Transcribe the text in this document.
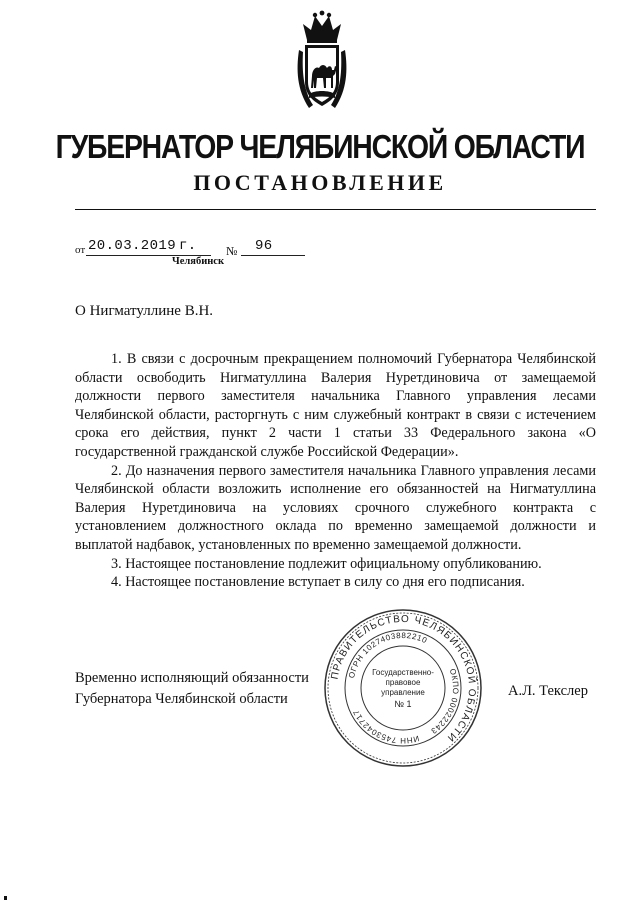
ГУБЕРНАТОР ЧЕЛЯБИНСКОЙ ОБЛАСТИ
ПОСТАНОВЛЕНИЕ
от 20.03.2019 г. № 96
Челябинск
О Нигматуллине В.Н.

1. В связи с досрочным прекращением полномочий Губернатора Челябинской области освободить Нигматуллина Валерия Нуретдиновича от замещаемой должности первого заместителя начальника Главного управления лесами Челябинской области, расторгнуть с ним служебный контракт в связи с истечением срока его действия, пункт 2 части 1 статьи 33 Федерального закона «О государственной гражданской службе Российской Федерации».

2. До назначения первого заместителя начальника Главного управления лесами Челябинской области возложить исполнение его обязанностей на Нигматуллина Валерия Нуретдиновича на условиях срочного служебного контракта с установлением должностного оклада по временно замещаемой должности и выплатой надбавок, установленных по временно замещаемой должности.

3. Настоящее постановление подлежит официальному опубликованию.

4. Настоящее постановление вступает в силу со дня его подписания.

Временно исполняющий обязанности
Губернатора Челябинской области	А.Л. Текслер
ПРАВИТЕЛЬСТВО ЧЕЛЯБИНСКОЙ ОБЛАСТИ
ОГРН 1027403882210
ОКПО 00022243
ИНН 7453042717
Государственно-
правовое
управление
№ 1
